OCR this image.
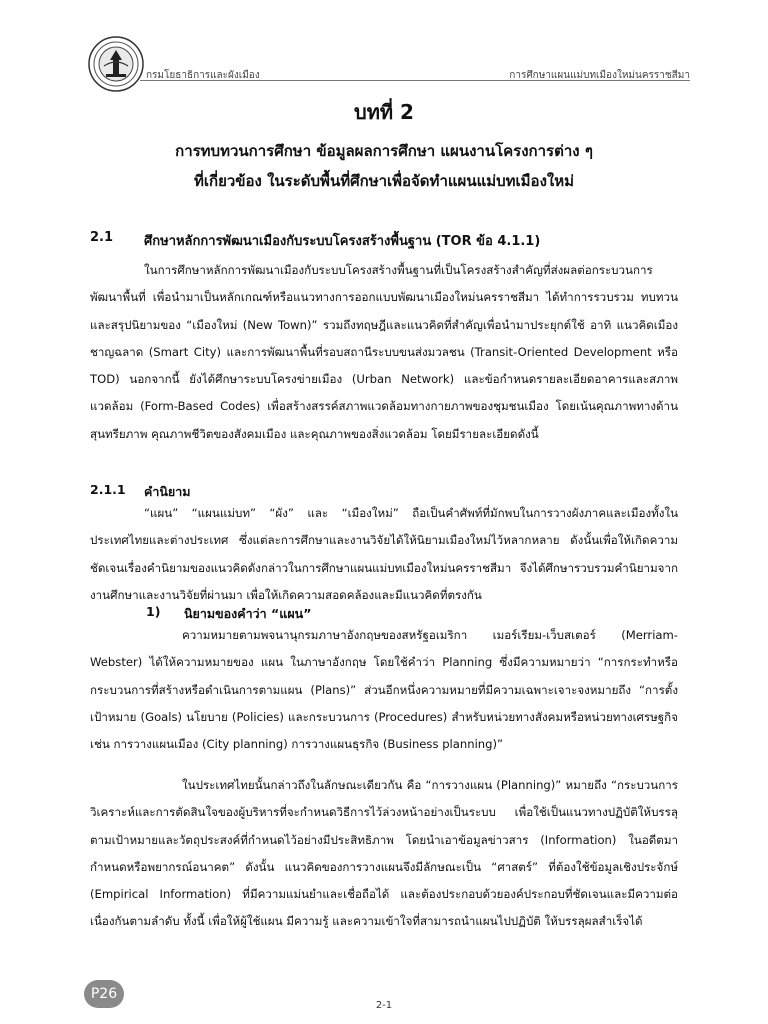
กรมโยธาธิการและผังเมือง	การศึกษาแผนแม่บทเมืองใหม่นครราชสีมา
บทที่ 2
การทบทวนการศึกษา ข้อมูลผลการศึกษา แผนงานโครงการต่าง ๆ
ที่เกี่ยวข้อง ในระดับพื้นที่ศึกษาเพื่อจัดทำแผนแม่บทเมืองใหม่
2.1 ศึกษาหลักการพัฒนาเมืองกับระบบโครงสร้างพื้นฐาน (TOR ข้อ 4.1.1)

ในการศึกษาหลักการพัฒนาเมืองกับระบบโครงสร้างพื้นฐานที่เป็นโครงสร้างสำคัญที่ส่งผลต่อกระบวนการพัฒนาพื้นที่ เพื่อนำมาเป็นหลักเกณฑ์หรือแนวทางการออกแบบพัฒนาเมืองใหม่นครราชสีมา ได้ทำการรวบรวม ทบทวน และสรุปนิยามของ “เมืองใหม่ (New Town)” รวมถึงทฤษฎีและแนวคิดที่สำคัญเพื่อนำมาประยุกต์ใช้ อาทิ แนวคิดเมืองชาญฉลาด (Smart City) และการพัฒนาพื้นที่รอบสถานีระบบขนส่งมวลชน (Transit-Oriented Development หรือ TOD) นอกจากนี้ ยังได้ศึกษาระบบโครงข่ายเมือง (Urban Network) และข้อกำหนดรายละเอียดอาคารและสภาพแวดล้อม (Form-Based Codes) เพื่อสร้างสรรค์สภาพแวดล้อมทางกายภาพของชุมชนเมือง โดยเน้นคุณภาพทางด้านสุนทรียภาพ คุณภาพชีวิตของสังคมเมือง และคุณภาพของสิ่งแวดล้อม โดยมีรายละเอียดดังนี้

2.1.1 คำนิยาม

“แผน” “แผนแม่บท” “ผัง” และ “เมืองใหม่” ถือเป็นคำศัพท์ที่มักพบในการวางผังภาคและเมืองทั้งในประเทศไทยและต่างประเทศ ซึ่งแต่ละการศึกษาและงานวิจัยได้ให้นิยามเมืองใหม่ไว้หลากหลาย ดังนั้นเพื่อให้เกิดความชัดเจนเรื่องคำนิยามของแนวคิดดังกล่าวในการศึกษาแผนแม่บทเมืองใหม่นครราชสีมา จึงได้ศึกษารวบรวมคำนิยามจากงานศึกษาและงานวิจัยที่ผ่านมา เพื่อให้เกิดความสอดคล้องและมีแนวคิดที่ตรงกัน

1) นิยามของคำว่า “แผน”

ความหมายตามพจนานุกรมภาษาอังกฤษของสหรัฐอเมริกา เมอร์เรียม-เว็บสเตอร์ (Merriam-Webster) ได้ให้ความหมายของ แผน ในภาษาอังกฤษ โดยใช้คำว่า Planning ซึ่งมีความหมายว่า “การกระทำหรือกระบวนการที่สร้างหรือดำเนินการตามแผน (Plans)” ส่วนอีกหนึ่งความหมายที่มีความเฉพาะเจาะจงหมายถึง “การตั้งเป้าหมาย (Goals) นโยบาย (Policies) และกระบวนการ (Procedures) สำหรับหน่วยทางสังคมหรือหน่วยทางเศรษฐกิจ เช่น การวางแผนเมือง (City planning) การวางแผนธุรกิจ (Business planning)”

ในประเทศไทยนั้นกล่าวถึงในลักษณะเดียวกัน คือ “การวางแผน (Planning)” หมายถึง “กระบวนการวิเคราะห์และการตัดสินใจของผู้บริหารที่จะกำหนดวิธีการไว้ล่วงหน้าอย่างเป็นระบบ เพื่อใช้เป็นแนวทางปฏิบัติให้บรรลุตามเป้าหมายและวัตถุประสงค์ที่กำหนดไว้อย่างมีประสิทธิภาพ โดยนำเอาข้อมูลข่าวสาร (Information) ในอดีตมากำหนดหรือพยากรณ์อนาคต” ดังนั้น แนวคิดของการวางแผนจึงมีลักษณะเป็น “ศาสตร์” ที่ต้องใช้ข้อมูลเชิงประจักษ์ (Empirical Information) ที่มีความแม่นยำและเชื่อถือได้ และต้องประกอบด้วยองค์ประกอบที่ชัดเจนและมีความต่อเนื่องกันตามลำดับ ทั้งนี้ เพื่อให้ผู้ใช้แผน มีความรู้ และความเข้าใจที่สามารถนำแผนไปปฏิบัติ ให้บรรลุผลสำเร็จได้

P26
2-1
